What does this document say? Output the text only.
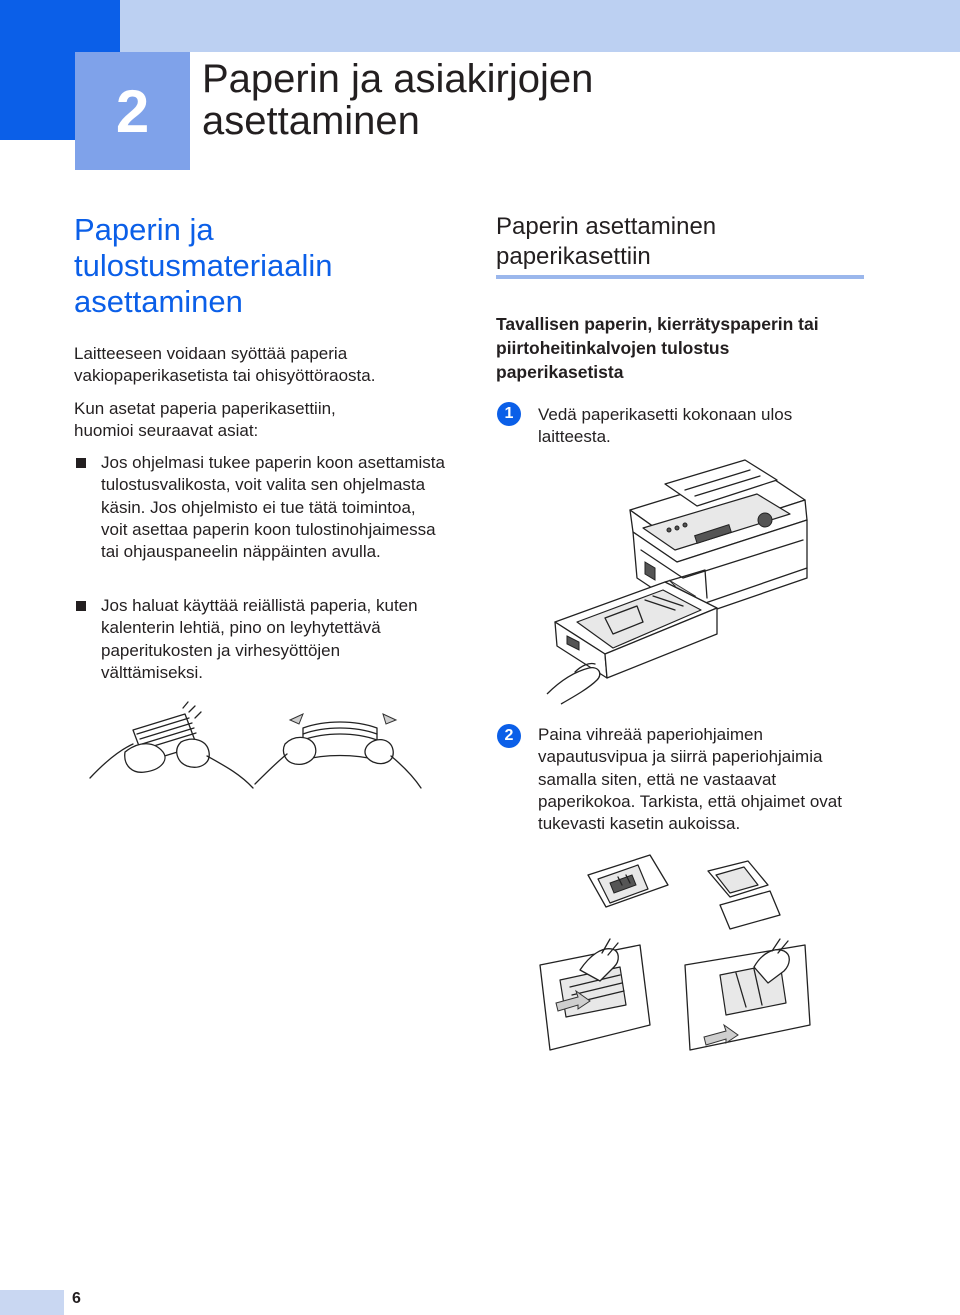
2	Paperin ja asiakirjojen
asettaminen
Paperin ja
tulostusmateriaalin
asettaminen
Laitteeseen voidaan syöttää paperia vakiopaperikasetista tai ohisyöttöraosta.
Kun asetat paperia paperikasettiin, huomioi seuraavat asiat:
Jos ohjelmasi tukee paperin koon asettamista tulostusvalikosta, voit valita sen ohjelmasta käsin. Jos ohjelmisto ei tue tätä toimintoa, voit asettaa paperin koon tulostinohjaimessa tai ohjauspaneelin näppäinten avulla.
Jos haluat käyttää reiällistä paperia, kuten kalenterin lehtiä, pino on leyhytettävä paperitukosten ja virhesyöttöjen välttämiseksi.
Paperin asettaminen
paperikasettiin
Tavallisen paperin, kierrätyspaperin tai piirtoheitinkalvojen tulostus paperikasetista
1	Vedä paperikasetti kokonaan ulos laitteesta.
2	Paina vihreää paperiohjaimen vapautusvipua ja siirrä paperiohjaimia samalla siten, että ne vastaavat paperikokoa. Tarkista, että ohjaimet ovat tukevasti kasetin aukoissa.
6
